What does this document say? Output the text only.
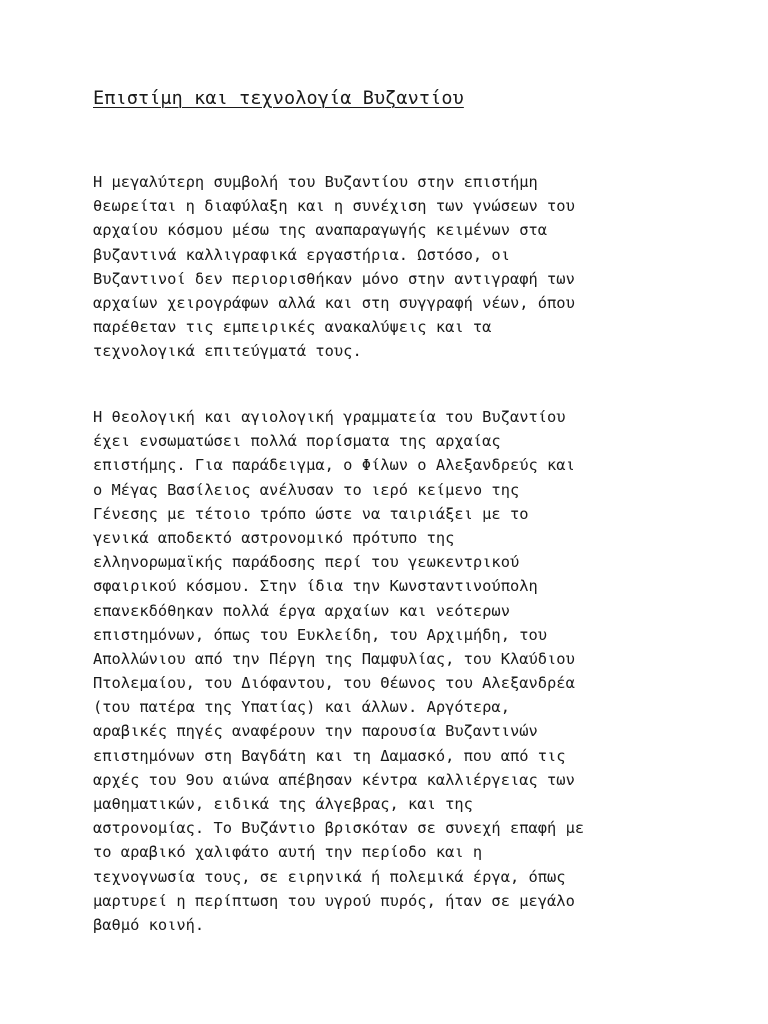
Επιστίμη και τεχνολογία Βυζαντίου

Η μεγαλύτερη συμβολή του Βυζαντίου στην επιστήμη
θεωρείται η διαφύλαξη και η συνέχιση των γνώσεων του
αρχαίου κόσμου μέσω της αναπαραγωγής κειμένων στα
βυζαντινά καλλιγραφικά εργαστήρια. Ωστόσο, οι
Βυζαντινοί δεν περιορισθήκαν μόνο στην αντιγραφή των
αρχαίων χειρογράφων αλλά και στη συγγραφή νέων, όπου
παρέθεταν τις εμπειρικές ανακαλύψεις και τα
τεχνολογικά επιτεύγματά τους.

Η θεολογική και αγιολογική γραμματεία του Βυζαντίου
έχει ενσωματώσει πολλά πορίσματα της αρχαίας
επιστήμης. Για παράδειγμα, ο Φίλων ο Αλεξανδρεύς και
ο Μέγας Βασίλειος ανέλυσαν το ιερό κείμενο της
Γένεσης με τέτοιο τρόπο ώστε να ταιριάξει με το
γενικά αποδεκτό αστρονομικό πρότυπο της
ελληνορωμαϊκής παράδοσης περί του γεωκεντρικού
σφαιρικού κόσμου. Στην ίδια την Κωνσταντινούπολη
επανεκδόθηκαν πολλά έργα αρχαίων και νεότερων
επιστημόνων, όπως του Ευκλείδη, του Αρχιμήδη, του
Απολλώνιου από την Πέργη της Παμφυλίας, του Κλαύδιου
Πτολεμαίου, του Διόφαντου, του Θέωνος του Αλεξανδρέα
(του πατέρα της Υπατίας) και άλλων. Αργότερα,
αραβικές πηγές αναφέρουν την παρουσία Βυζαντινών
επιστημόνων στη Βαγδάτη και τη Δαμασκό, που από τις
αρχές του 9ου αιώνα απέβησαν κέντρα καλλιέργειας των
μαθηματικών, ειδικά της άλγεβρας, και της
αστρονομίας. Το Βυζάντιο βρισκόταν σε συνεχή επαφή με
το αραβικό χαλιφάτο αυτή την περίοδο και η
τεχνογνωσία τους, σε ειρηνικά ή πολεμικά έργα, όπως
μαρτυρεί η περίπτωση του υγρού πυρός, ήταν σε μεγάλο
βαθμό κοινή.
